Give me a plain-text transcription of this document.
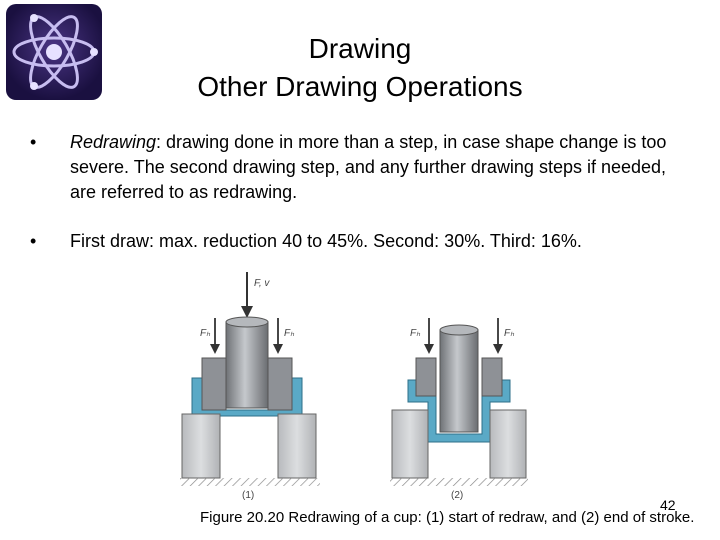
Drawing
Other Drawing Operations
•	Redrawing: drawing done in more than a step, in case shape change is too severe. The second drawing step, and any further drawing steps if needed, are referred to as redrawing.
•	First draw: max. reduction 40 to 45%. Second: 30%. Third: 16%.
F, v
Fₕ	Fₕ
(1)
Fₕ	Fₕ
(2)
Figure 20.20 Redrawing of a cup: (1) start of redraw, and (2) end of stroke.
42
